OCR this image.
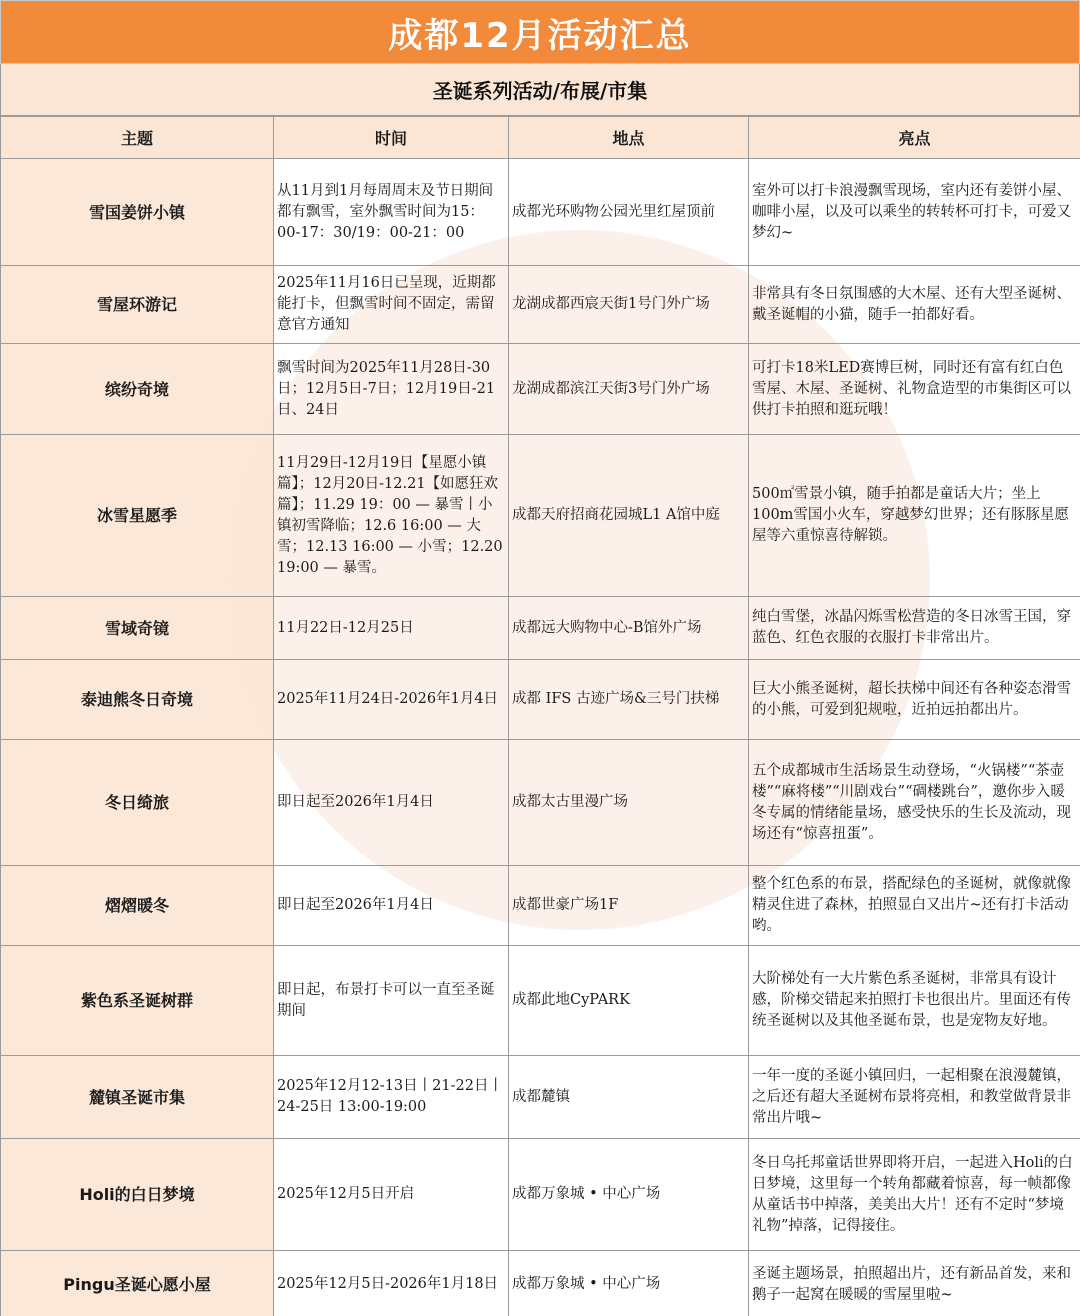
成都12月活动汇总
圣诞系列活动/布展/市集
主题	时间	地点	亮点
雪国姜饼小镇	从11月到1月每周周末及节日期间都有飘雪，室外飘雪时间为15：00-17：30/19：00-21：00	成都光环购物公园光里红屋顶前	室外可以打卡浪漫飘雪现场，室内还有姜饼小屋、咖啡小屋，以及可以乘坐的转转杯可打卡，可爱又梦幻~
雪屋环游记	2025年11月16日已呈现，近期都能打卡，但飘雪时间不固定，需留意官方通知	龙湖成都西宸天街1号门外广场	非常具有冬日氛围感的大木屋、还有大型圣诞树、戴圣诞帽的小猫，随手一拍都好看。
缤纷奇境	飘雪时间为2025年11月28日-30日；12月5日-7日；12月19日-21日、24日	龙湖成都滨江天街3号门外广场	可打卡18米LED赛博巨树，同时还有富有红白色雪屋、木屋、圣诞树、礼物盒造型的市集街区可以供打卡拍照和逛玩哦！
冰雪星愿季	11月29日-12月19日【星愿小镇篇】；12月20日-12.21【如愿狂欢篇】；11.29 19：00 — 暴雪丨小镇初雪降临；12.6 16:00 — 大雪；12.13 16:00 — 小雪；12.20 19:00 — 暴雪。	成都天府招商花园城L1 A馆中庭	500㎡雪景小镇，随手拍都是童话大片；坐上100m雪国小火车，穿越梦幻世界；还有豚豚星愿屋等六重惊喜待解锁。
雪域奇镜	11月22日-12月25日	成都远大购物中心-B馆外广场	纯白雪堡，冰晶闪烁雪松营造的冬日冰雪王国，穿蓝色、红色衣服的衣服打卡非常出片。
泰迪熊冬日奇境	2025年11月24日-2026年1月4日	成都 IFS 古迹广场&三号门扶梯	巨大小熊圣诞树，超长扶梯中间还有各种姿态滑雪的小熊，可爱到犯规啦，近拍远拍都出片。
冬日绮旅	即日起至2026年1月4日	成都太古里漫广场	五个成都城市生活场景生动登场，“火锅楼”“茶壶楼”“麻将楼”“川剧戏台”“碉楼跳台”，邀你步入暖冬专属的情绪能量场，感受快乐的生长及流动，现场还有“惊喜扭蛋”。
熠熠暖冬	即日起至2026年1月4日	成都世豪广场1F	整个红色系的布景，搭配绿色的圣诞树，就像就像精灵住进了森林，拍照显白又出片~还有打卡活动哟。
紫色系圣诞树群	即日起，布景打卡可以一直至圣诞期间	成都此地CyPARK	大阶梯处有一大片紫色系圣诞树，非常具有设计感，阶梯交错起来拍照打卡也很出片。里面还有传统圣诞树以及其他圣诞布景，也是宠物友好地。
麓镇圣诞市集	2025年12月12-13日丨21-22日丨24-25日 13:00-19:00	成都麓镇	一年一度的圣诞小镇回归，一起相聚在浪漫麓镇，之后还有超大圣诞树布景将亮相，和教堂做背景非常出片哦~
Holi的白日梦境	2025年12月5日开启	成都万象城 • 中心广场	冬日乌托邦童话世界即将开启，一起进入Holi的白日梦境，这里每一个转角都藏着惊喜，每一帧都像从童话书中掉落，美美出大片！还有不定时“梦境礼物”掉落，记得接住。
Pingu圣诞心愿小屋	2025年12月5日-2026年1月18日	成都万象城 • 中心广场	圣诞主题场景，拍照超出片，还有新品首发，来和鹅子一起窝在暖暖的雪屋里啦~
